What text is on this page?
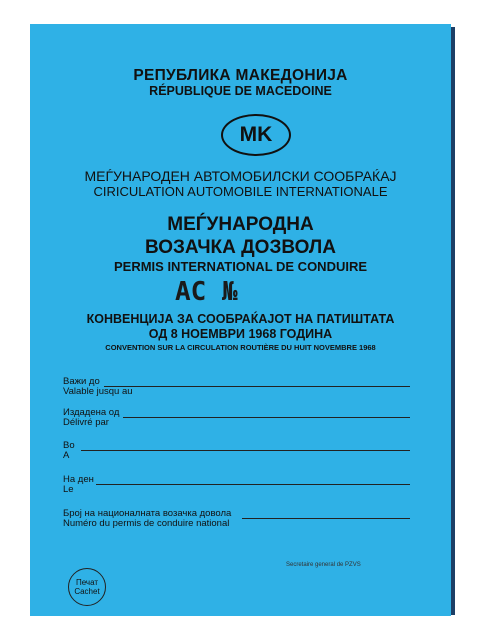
РЕПУБЛИКА МАКЕДОНИЈА
RÉPUBLIQUE DE MACEDOINE
MK
МЕЃУНАРОДЕН АВТОМОБИЛСКИ СООБРАЌАЈ
CIRICULATION AUTOMOBILE INTERNATIONALE
МЕЃУНАРОДНА
ВОЗАЧКА ДОЗВОЛА
PERMIS INTERNATIONAL DE CONDUIRE
AC №
КОНВЕНЦИЈА ЗА СООБРАЌАЈОТ НА ПАТИШТАТА
ОД 8 НОЕМВРИ 1968 ГОДИНА
CONVENTION SUR LA CIRCULATION ROUTIÈRE DU HUIT NOVEMBRE 1968
Важи до
Valable jusqu au
Издадена од
Délivré par
Во
A
На ден
Le
Број на националната возачка довола
Numéro du permis de conduire national
Secretaire general de PZVS
Печат
Cachet
